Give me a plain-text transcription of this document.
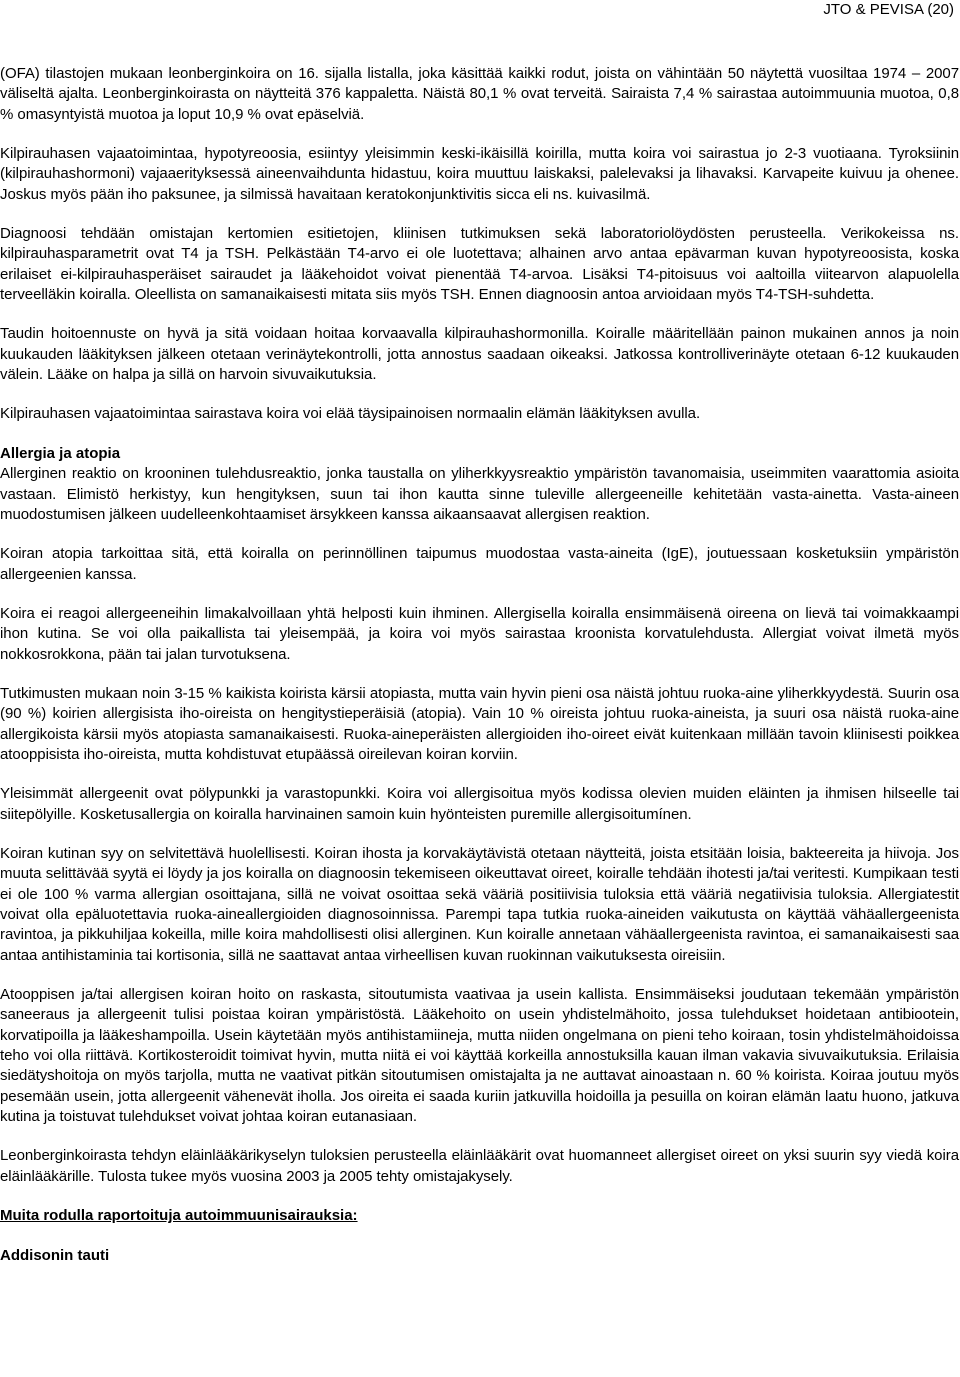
JTO & PEVISA (20)

(OFA) tilastojen mukaan leonberginkoira on 16. sijalla listalla, joka käsittää kaikki rodut, joista on vähintään 50 näytettä vuosiltaa 1974 – 2007 väliseltä ajalta. Leonberginkoirasta on näytteitä 376 kappaletta. Näistä 80,1 % ovat terveitä. Sairaista 7,4 % sairastaa autoimmuunia muotoa, 0,8 % omasyntyistä muotoa ja loput 10,9 % ovat epäselviä.

Kilpirauhasen vajaatoimintaa, hypotyreoosia, esiintyy yleisimmin keski-ikäisillä koirilla, mutta koira voi sairastua jo 2-3 vuotiaana. Tyroksiinin (kilpirauhashormoni) vajaaerityksessä aineenvaihdunta hidastuu, koira muuttuu laiskaksi, palelevaksi ja lihavaksi. Karvapeite kuivuu ja ohenee. Joskus myös pään iho paksunee, ja silmissä havaitaan keratokonjunktivitis sicca eli ns. kuivasilmä.

Diagnoosi tehdään omistajan kertomien esitietojen, kliinisen tutkimuksen sekä laboratoriolöydösten perusteella. Verikokeissa ns. kilpirauhasparametrit ovat T4 ja TSH. Pelkästään T4-arvo ei ole luotettava; alhainen arvo antaa epävarman kuvan hypotyreoosista, koska erilaiset ei-kilpirauhasperäiset sairaudet ja lääkehoidot voivat pienentää T4-arvoa. Lisäksi T4-pitoisuus voi aaltoilla viitearvon alapuolella terveelläkin koiralla. Oleellista on samanaikaisesti mitata siis myös TSH. Ennen diagnoosin antoa arvioidaan myös T4-TSH-suhdetta.

Taudin hoitoennuste on hyvä ja sitä voidaan hoitaa korvaavalla kilpirauhashormonilla. Koiralle määritellään painon mukainen annos ja noin kuukauden lääkityksen jälkeen otetaan verinäytekontrolli, jotta annostus saadaan oikeaksi. Jatkossa kontrolliverinäyte otetaan 6-12 kuukauden välein. Lääke on halpa ja sillä on harvoin sivuvaikutuksia.

Kilpirauhasen vajaatoimintaa sairastava koira voi elää täysipainoisen normaalin elämän lääkityksen avulla.

Allergia ja atopia

Allerginen reaktio on krooninen tulehdusreaktio, jonka taustalla on yliherkkyysreaktio ympäristön tavanomaisia, useimmiten vaarattomia asioita vastaan. Elimistö herkistyy, kun hengityksen, suun tai ihon kautta sinne tuleville allergeeneille kehitetään vasta-ainetta. Vasta-aineen muodostumisen jälkeen uudelleenkohtaamiset ärsykkeen kanssa aikaansaavat allergisen reaktion.

Koiran atopia tarkoittaa sitä, että koiralla on perinnöllinen taipumus muodostaa vasta-aineita (IgE), joutuessaan kosketuksiin ympäristön allergeenien kanssa.

Koira ei reagoi allergeeneihin limakalvoillaan yhtä helposti kuin ihminen. Allergisella koiralla ensimmäisenä oireena on lievä tai voimakkaampi ihon kutina. Se voi olla paikallista tai yleisempää, ja koira voi myös sairastaa kroonista korvatulehdusta. Allergiat voivat ilmetä myös nokkosrokkona, pään tai jalan turvotuksena.

Tutkimusten mukaan noin 3-15 % kaikista koirista kärsii atopiasta, mutta vain hyvin pieni osa näistä johtuu ruoka-aine yliherkkyydestä. Suurin osa (90 %) koirien allergisista iho-oireista on hengitystieperäisiä (atopia). Vain 10 % oireista johtuu ruoka-aineista, ja suuri osa näistä ruoka-aine allergikoista kärsii myös atopiasta samanaikaisesti. Ruoka-aineperäisten allergioiden iho-oireet eivät kuitenkaan millään tavoin kliinisesti poikkea atooppisista iho-oireista, mutta kohdistuvat etupäässä oireilevan koiran korviin.

Yleisimmät allergeenit ovat pölypunkki ja varastopunkki. Koira voi allergisoitua myös kodissa olevien muiden eläinten ja ihmisen hilseelle tai siitepölyille. Kosketusallergia on koiralla harvinainen samoin kuin hyönteisten puremille allergisoitumínen.

Koiran kutinan syy on selvitettävä huolellisesti. Koiran ihosta ja korvakäytävistä otetaan näytteitä, joista etsitään loisia, bakteereita ja hiivoja. Jos muuta selittävää syytä ei löydy ja jos koiralla on diagnoosin tekemiseen oikeuttavat oireet, koiralle tehdään ihotesti ja/tai veritesti. Kumpikaan testi ei ole 100 % varma allergian osoittajana, sillä ne voivat osoittaa sekä vääriä positiivisia tuloksia että vääriä negatiivisia tuloksia. Allergiatestit voivat olla epäluotettavia ruoka-aineallergioiden diagnosoinnissa. Parempi tapa tutkia ruoka-aineiden vaikutusta on käyttää vähäallergeenista ravintoa, ja pikkuhiljaa kokeilla, mille koira mahdollisesti olisi allerginen. Kun koiralle annetaan vähäallergeenista ravintoa, ei samanaikaisesti saa antaa antihistaminia tai kortisonia, sillä ne saattavat antaa virheellisen kuvan ruokinnan vaikutuksesta oireisiin.

Atooppisen ja/tai allergisen koiran hoito on raskasta, sitoutumista vaativaa ja usein kallista. Ensimmäiseksi joudutaan tekemään ympäristön saneeraus ja allergeenit tulisi poistaa koiran ympäristöstä. Lääkehoito on usein yhdistelmähoito, jossa tulehdukset hoidetaan antibiootein, korvatipoilla ja lääkeshampoilla. Usein käytetään myös antihistamiineja, mutta niiden ongelmana on pieni teho koiraan, tosin yhdistelmähoidoissa teho voi olla riittävä. Kortikosteroidit toimivat hyvin, mutta niitä ei voi käyttää korkeilla annostuksilla kauan ilman vakavia sivuvaikutuksia. Erilaisia siedätyshoitoja on myös tarjolla, mutta ne vaativat pitkän sitoutumisen omistajalta ja ne auttavat ainoastaan n. 60 % koirista. Koiraa joutuu myös pesemään usein, jotta allergeenit vähenevät iholla. Jos oireita ei saada kuriin jatkuvilla hoidoilla ja pesuilla on koiran elämän laatu huono, jatkuva kutina ja toistuvat tulehdukset voivat johtaa koiran eutanasiaan.

Leonberginkoirasta tehdyn eläinlääkärikyselyn tuloksien perusteella eläinlääkärit ovat huomanneet allergiset oireet on yksi suurin syy viedä koira eläinlääkärille. Tulosta tukee myös vuosina 2003 ja 2005 tehty omistajakysely.

Muita rodulla raportoituja autoimmuunisairauksia:
Addisonin tauti
